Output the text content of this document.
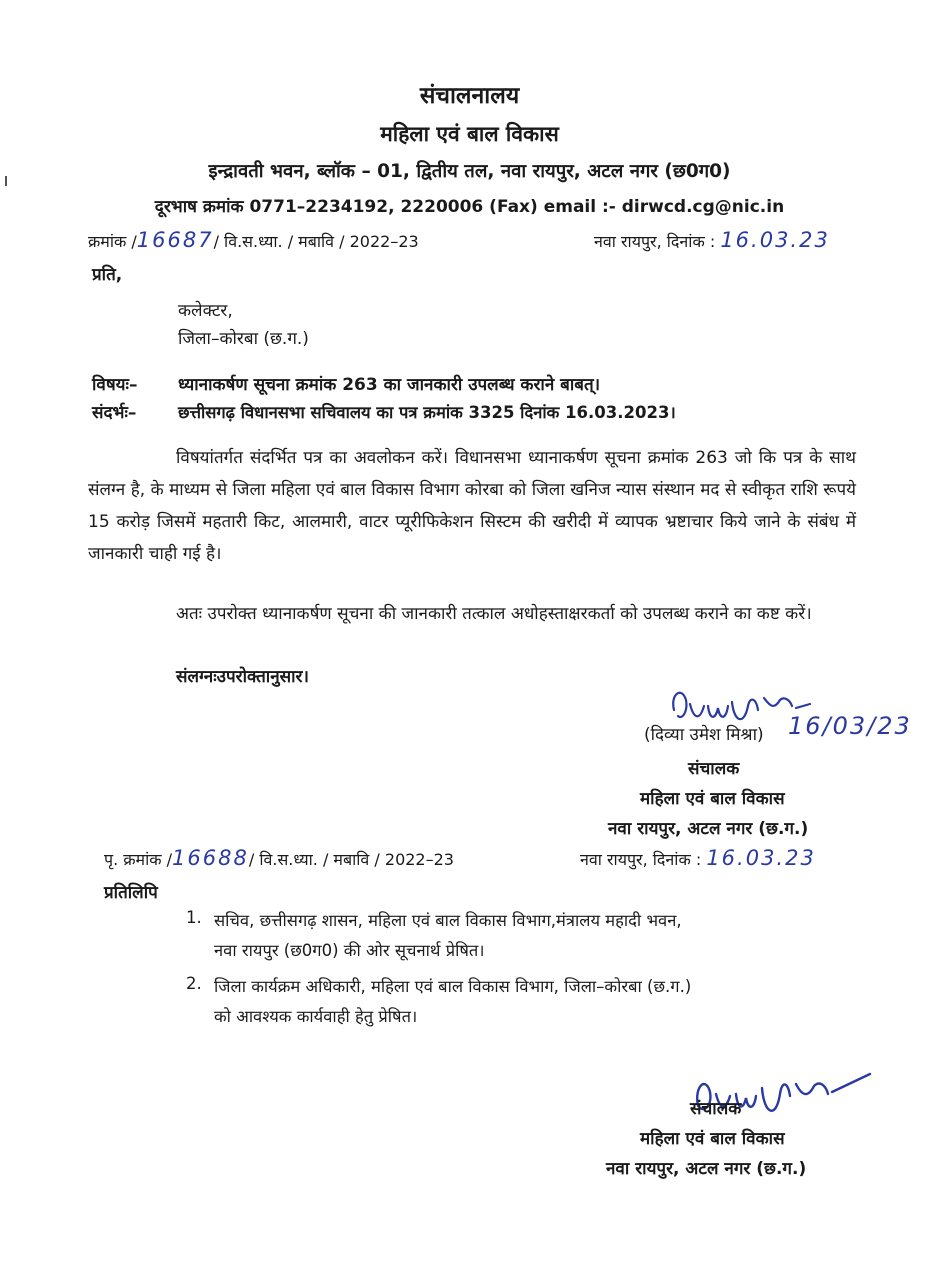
संचालनालय
महिला एवं बाल विकास
इन्द्रावती भवन, ब्लॉक – 01, द्वितीय तल, नवा रायपुर, अटल नगर (छ0ग0)
दूरभाष क्रमांक 0771–2234192, 2220006 (Fax) email :- dirwcd.cg@nic.in
क्रमांक /16687/ वि.स.ध्या. / मबावि / 2022–23	नवा रायपुर, दिनांक : 16.03.23
प्रति,
कलेक्टर,
जिला–कोरबा (छ.ग.)
विषयः– ध्यानाकर्षण सूचना क्रमांक 263 का जानकारी उपलब्ध कराने बाबत्।
संदर्भः–	छत्तीसगढ़ विधानसभा सचिवालय का पत्र क्रमांक 3325 दिनांक 16.03.2023।
विषयांतर्गत संदर्भित पत्र का अवलोकन करें। विधानसभा ध्यानाकर्षण सूचना क्रमांक 263 जो कि पत्र के साथ संलग्न है, के माध्यम से जिला महिला एवं बाल विकास विभाग कोरबा को जिला खनिज न्यास संस्थान मद से स्वीकृत राशि रूपये 15 करोड़ जिसमें महतारी किट, आलमारी, वाटर प्यूरीफिकेशन सिस्टम की खरीदी में व्यापक भ्रष्टाचार किये जाने के संबंध में जानकारी चाही गई है।
अतः उपरोक्त ध्यानाकर्षण सूचना की जानकारी तत्काल अधोहस्ताक्षरकर्ता को उपलब्ध कराने का कष्ट करें।
संलग्नःउपरोक्तानुसार।
(दिव्या उमेश मिश्रा) 16/03/23
संचालक
महिला एवं बाल विकास
नवा रायपुर, अटल नगर (छ.ग.)
पृ. क्रमांक /16688/ वि.स.ध्या. / मबावि / 2022–23	नवा रायपुर, दिनांक : 16.03.23
प्रतिलिपि
1. सचिव, छत्तीसगढ़ शासन, महिला एवं बाल विकास विभाग,मंत्रालय महादी भवन,
नवा रायपुर (छ0ग0) की ओर सूचनार्थ प्रेषित।
2. जिला कार्यक्रम अधिकारी, महिला एवं बाल विकास विभाग, जिला–कोरबा (छ.ग.)
को आवश्यक कार्यवाही हेतु प्रेषित।
संचालक
महिला एवं बाल विकास
नवा रायपुर, अटल नगर (छ.ग.)
